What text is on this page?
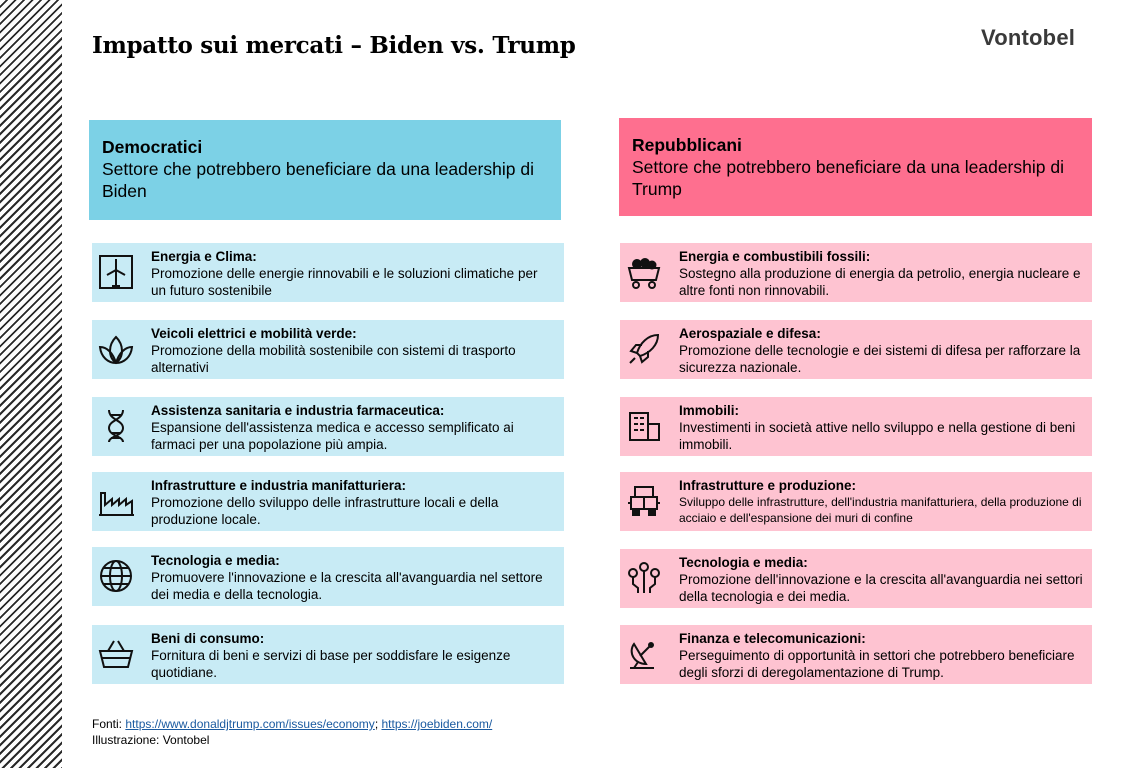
Impatto sui mercati – Biden vs. Trump	Vontobel
Democratici
Settore che potrebbero beneficiare da una leadership di Biden
Repubblicani
Settore che potrebbero beneficiare da una leadership di Trump
Energia e Clima:
Promozione delle energie rinnovabili e le soluzioni climatiche per un futuro sostenibile
Veicoli elettrici e mobilità verde:
Promozione della mobilità sostenibile con sistemi di trasporto alternativi
Assistenza sanitaria e industria farmaceutica:
Espansione dell'assistenza medica e accesso semplificato ai farmaci per una popolazione più ampia.
Infrastrutture e industria manifatturiera:
Promozione dello sviluppo delle infrastrutture locali e della produzione locale.
Tecnologia e media:
Promuovere l'innovazione e la crescita all'avanguardia nel settore dei media e della tecnologia.
Beni di consumo:
Fornitura di beni e servizi di base per soddisfare le esigenze quotidiane.
Energia e combustibili fossili:
Sostegno alla produzione di energia da petrolio, energia nucleare e altre fonti non rinnovabili.
Aerospaziale e difesa:
Promozione delle tecnologie e dei sistemi di difesa per rafforzare la sicurezza nazionale.
Immobili:
Investimenti in società attive nello sviluppo e nella gestione di beni immobili.
Infrastrutture e produzione:
Sviluppo delle infrastrutture, dell'industria manifatturiera, della produzione di acciaio e dell'espansione dei muri di confine
Tecnologia e media:
Promozione dell'innovazione e la crescita all'avanguardia nei settori della tecnologia e dei media.
Finanza e telecomunicazioni:
Perseguimento di opportunità in settori che potrebbero beneficiare degli sforzi di deregolamentazione di Trump.
Fonti: https://www.donaldjtrump.com/issues/economy; https://joebiden.com/
Illustrazione: Vontobel
